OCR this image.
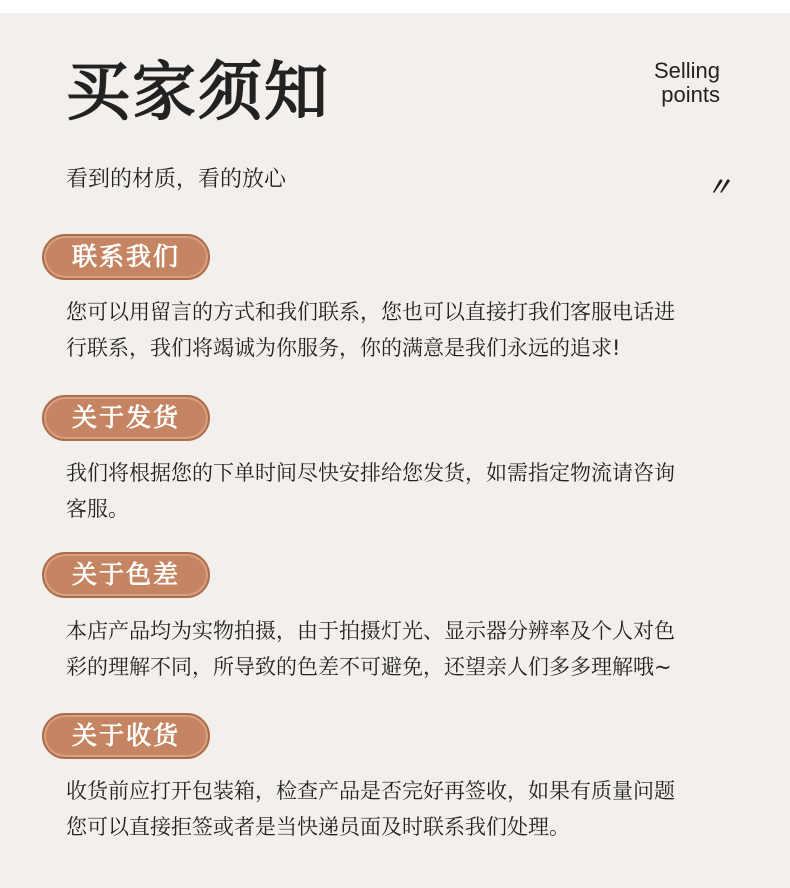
买家须知	Selling
points
看到的材质，看的放心	〃
联系我们
您可以用留言的方式和我们联系，您也可以直接打我们客服电话进
行联系，我们将竭诚为你服务，你的满意是我们永远的追求!
关于发货
我们将根据您的下单时间尽快安排给您发货，如需指定物流请咨询
客服。
关于色差
本店产品均为实物拍摄，由于拍摄灯光、显示器分辨率及个人对色
彩的理解不同，所导致的色差不可避免，还望亲人们多多理解哦~
关于收货
收货前应打开包装箱，检查产品是否完好再签收，如果有质量问题
您可以直接拒签或者是当快递员面及时联系我们处理。
